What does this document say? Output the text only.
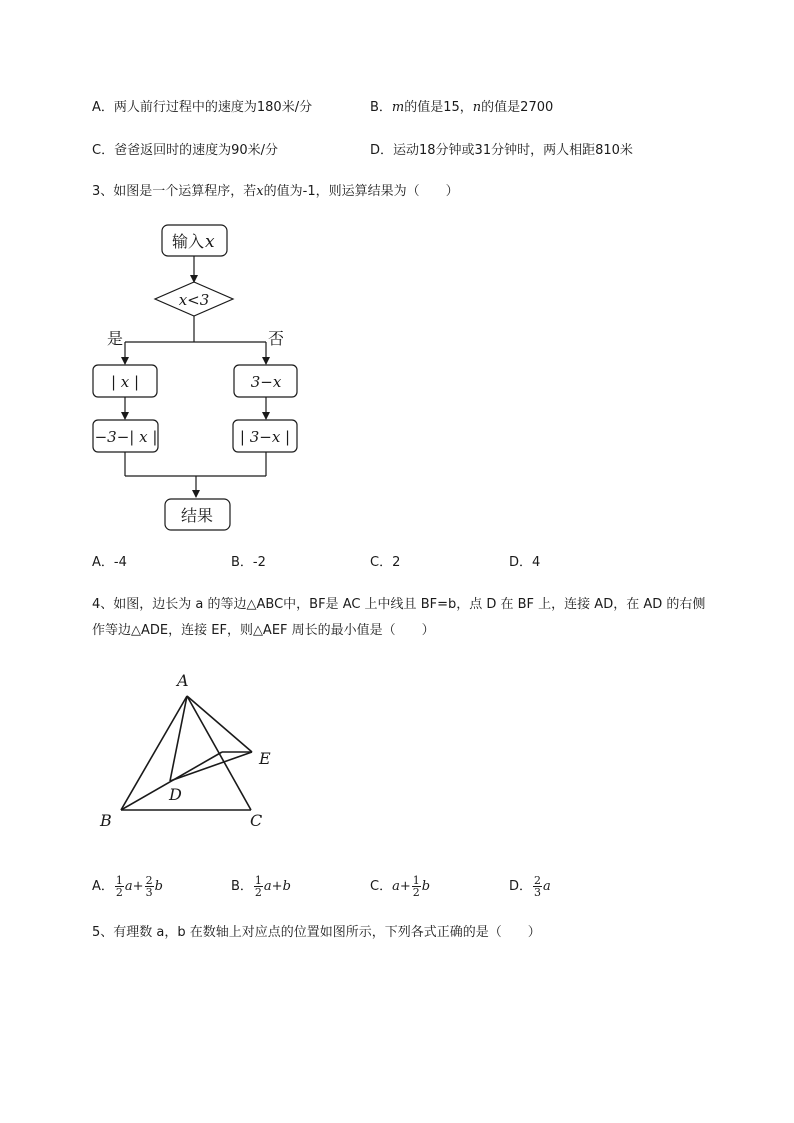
A．两人前行过程中的速度为180米/分	B．m的值是15，n的值是2700
C．爸爸返回时的速度为90米/分	D．运动18分钟或31分钟时，两人相距810米
3、如图是一个运算程序，若x的值为-1，则运算结果为（　　）
输入 x
x<3
是	否
| x |	3−x
−3−| x |	| 3−x |
结果
A．-4	B．-2	C．2	D．4
4、如图，边长为 a 的等边△ABC中，BF是 AC 上中线且 BF=b，点 D 在 BF 上，连接 AD，在 AD 的右侧
作等边△ADE，连接 EF，则△AEF 周长的最小值是（　　）
A
B	C
D
E
A． $\frac{1}{2} a+ \frac{2}{3}$ b	B． $\frac{1}{2} a+b$	C．$a+ \frac{1}{2}$ b	D． $\frac{2}{3}$ a
5、有理数 a，b 在数轴上对应点的位置如图所示，下列各式正确的是（　　）
